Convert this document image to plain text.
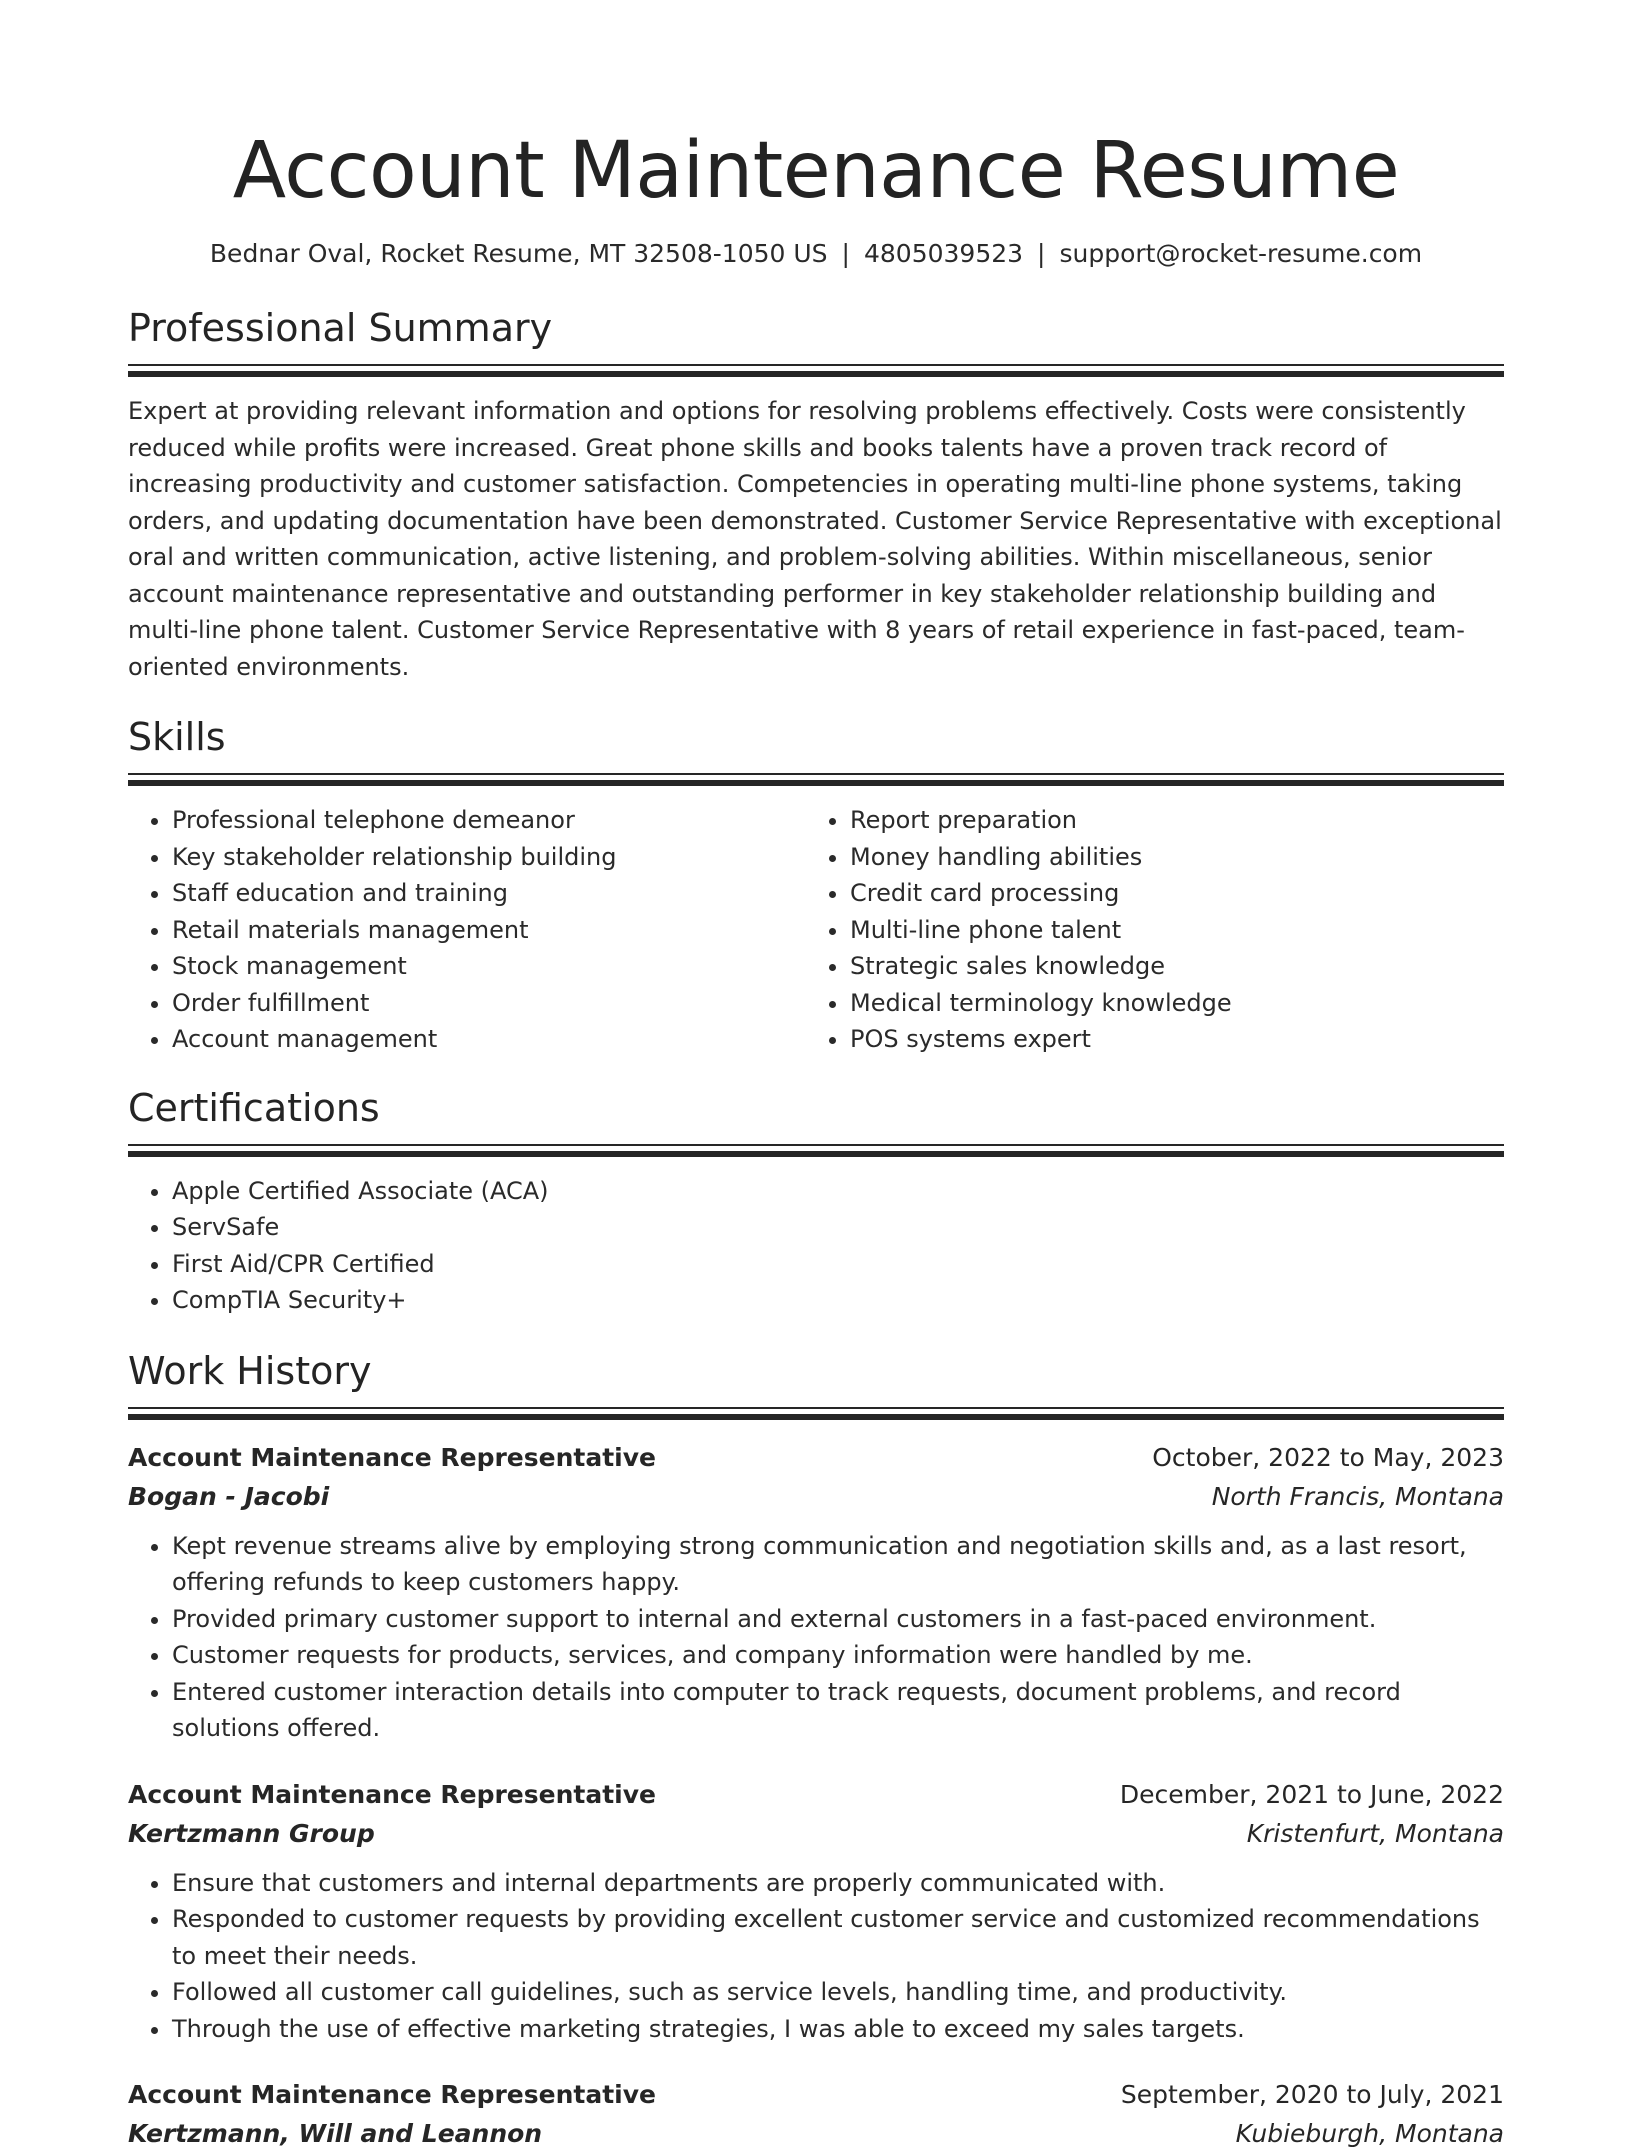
Account Maintenance Resume
Bednar Oval, Rocket Resume, MT 32508-1050 US | 4805039523 | support@rocket-resume.com
Professional Summary

Expert at providing relevant information and options for resolving problems effectively. Costs were consistently reduced while profits were increased. Great phone skills and books talents have a proven track record of increasing productivity and customer satisfaction. Competencies in operating multi-line phone systems, taking orders, and updating documentation have been demonstrated. Customer Service Representative with exceptional oral and written communication, active listening, and problem-solving abilities. Within miscellaneous, senior account maintenance representative and outstanding performer in key stakeholder relationship building and multi-line phone talent. Customer Service Representative with 8 years of retail experience in fast-paced, team-oriented environments.

Skills
• Professional telephone demeanor
• Key stakeholder relationship building
• Staff education and training
• Retail materials management
• Stock management
• Order fulfillment
• Account management
• Report preparation
• Money handling abilities
• Credit card processing
• Multi-line phone talent
• Strategic sales knowledge
• Medical terminology knowledge
• POS systems expert
Certifications
• Apple Certified Associate (ACA)
• ServSafe
• First Aid/CPR Certified
• CompTIA Security+
Work History
Account Maintenance Representative	October, 2022 to May, 2023
Bogan - Jacobi	North Francis, Montana
• Kept revenue streams alive by employing strong communication and negotiation skills and, as a last resort, offering refunds to keep customers happy.
• Provided primary customer support to internal and external customers in a fast-paced environment.
• Customer requests for products, services, and company information were handled by me.
• Entered customer interaction details into computer to track requests, document problems, and record solutions offered.
Account Maintenance Representative	December, 2021 to June, 2022
Kertzmann Group	Kristenfurt, Montana
• Ensure that customers and internal departments are properly communicated with.
• Responded to customer requests by providing excellent customer service and customized recommendations to meet their needs.
• Followed all customer call guidelines, such as service levels, handling time, and productivity.
• Through the use of effective marketing strategies, I was able to exceed my sales targets.
Account Maintenance Representative	September, 2020 to July, 2021
Kertzmann, Will and Leannon	Kubieburgh, Montana
